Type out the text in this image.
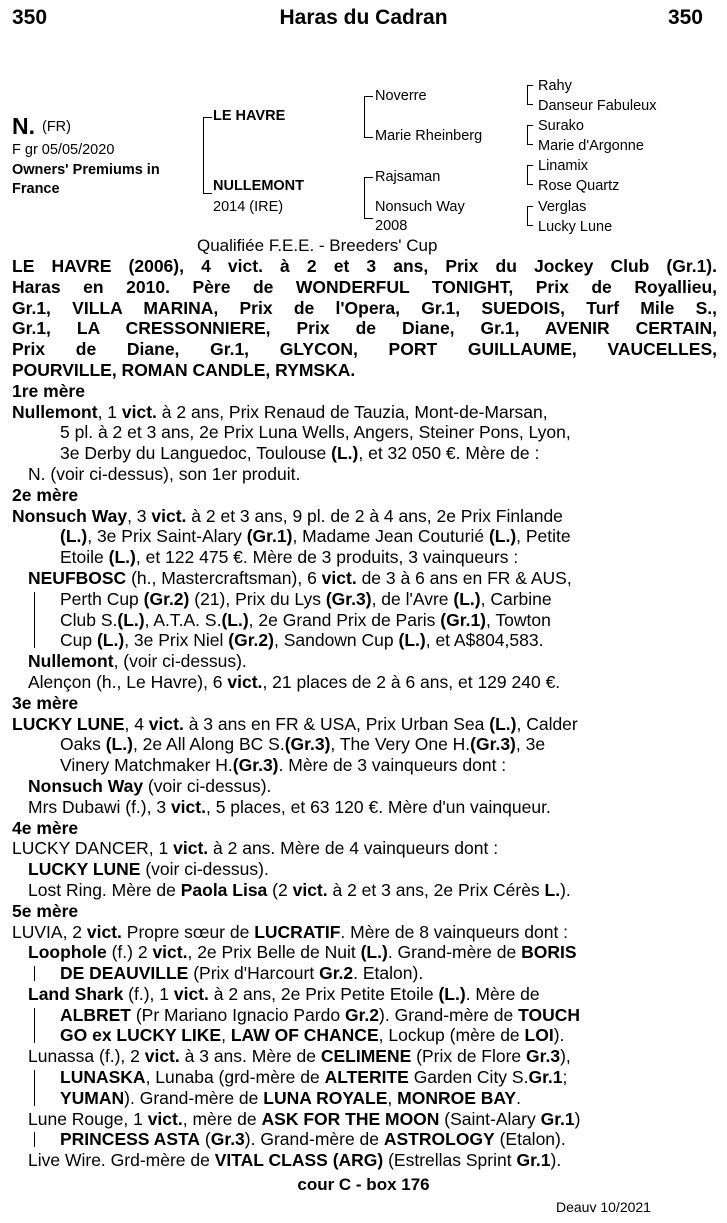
350	Haras du Cadran	350
N. (FR)
F gr 05/05/2020
Owners' Premiums in
France
LE HAVRE
NULLEMONT
2014 (IRE)
Noverre
Marie Rheinberg
Rajsaman
Nonsuch Way
2008
Rahy
Danseur Fabuleux
Surako
Marie d'Argonne
Linamix
Rose Quartz
Verglas
Lucky Lune
Qualifiée F.E.E. - Breeders' Cup
LE HAVRE (2006), 4 vict. à 2 et 3 ans, Prix du Jockey Club (Gr.1).
Haras en 2010. Père de WONDERFUL TONIGHT, Prix de Royallieu,
Gr.1, VILLA MARINA, Prix de l'Opera, Gr.1, SUEDOIS, Turf Mile S.,
Gr.1, LA CRESSONNIERE, Prix de Diane, Gr.1, AVENIR CERTAIN,
Prix de Diane, Gr.1, GLYCON, PORT GUILLAUME, VAUCELLES,
POURVILLE, ROMAN CANDLE, RYMSKA.
1re mère
Nullemont, 1 vict. à 2 ans, Prix Renaud de Tauzia, Mont-de-Marsan,
5 pl. à 2 et 3 ans, 2e Prix Luna Wells, Angers, Steiner Pons, Lyon,
3e Derby du Languedoc, Toulouse (L.), et 32 050 €. Mère de :
N. (voir ci-dessus), son 1er produit.
2e mère
Nonsuch Way, 3 vict. à 2 et 3 ans, 9 pl. de 2 à 4 ans, 2e Prix Finlande
(L.), 3e Prix Saint-Alary (Gr.1), Madame Jean Couturié (L.), Petite
Etoile (L.), et 122 475 €. Mère de 3 produits, 3 vainqueurs :
NEUFBOSC (h., Mastercraftsman), 6 vict. de 3 à 6 ans en FR & AUS,
Perth Cup (Gr.2) (21), Prix du Lys (Gr.3), de l'Avre (L.), Carbine
Club S.(L.), A.T.A. S.(L.), 2e Grand Prix de Paris (Gr.1), Towton
Cup (L.), 3e Prix Niel (Gr.2), Sandown Cup (L.), et A$804,583.
Nullemont, (voir ci-dessus).
Alençon (h., Le Havre), 6 vict., 21 places de 2 à 6 ans, et 129 240 €.
3e mère
LUCKY LUNE, 4 vict. à 3 ans en FR & USA, Prix Urban Sea (L.), Calder
Oaks (L.), 2e All Along BC S.(Gr.3), The Very One H.(Gr.3), 3e
Vinery Matchmaker H.(Gr.3). Mère de 3 vainqueurs dont :
Nonsuch Way (voir ci-dessus).
Mrs Dubawi (f.), 3 vict., 5 places, et 63 120 €. Mère d'un vainqueur.
4e mère
LUCKY DANCER, 1 vict. à 2 ans. Mère de 4 vainqueurs dont :
LUCKY LUNE (voir ci-dessus).
Lost Ring. Mère de Paola Lisa (2 vict. à 2 et 3 ans, 2e Prix Cérès L.).
5e mère
LUVIA, 2 vict. Propre sœur de LUCRATIF. Mère de 8 vainqueurs dont :
Loophole (f.) 2 vict., 2e Prix Belle de Nuit (L.). Grand-mère de BORIS
DE DEAUVILLE (Prix d'Harcourt Gr.2. Etalon).
Land Shark (f.), 1 vict. à 2 ans, 2e Prix Petite Etoile (L.). Mère de
ALBRET (Pr Mariano Ignacio Pardo Gr.2). Grand-mère de TOUCH
GO ex LUCKY LIKE, LAW OF CHANCE, Lockup (mère de LOI).
Lunassa (f.), 2 vict. à 3 ans. Mère de CELIMENE (Prix de Flore Gr.3),
LUNASKA, Lunaba (grd-mère de ALTERITE Garden City S.Gr.1;
YUMAN). Grand-mère de LUNA ROYALE, MONROE BAY.
Lune Rouge, 1 vict., mère de ASK FOR THE MOON (Saint-Alary Gr.1)
PRINCESS ASTA (Gr.3). Grand-mère de ASTROLOGY (Etalon).
Live Wire. Grd-mère de VITAL CLASS (ARG) (Estrellas Sprint Gr.1).
cour C - box 176
Deauv 10/2021
